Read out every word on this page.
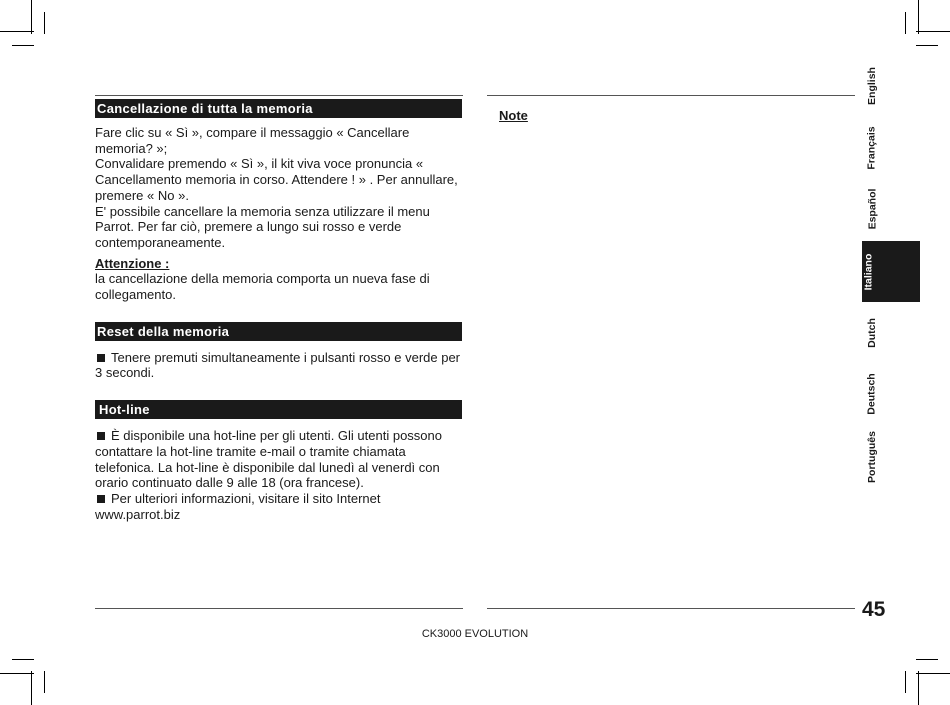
Cancellazione di tutta la memoria

Fare clic su « Sì », compare il messaggio « Cancellare memoria? »;

Convalidare premendo « Sì », il kit viva voce pronuncia « Cancellamento memoria in corso. Attendere ! » . Per annullare, premere « No ».

E' possibile cancellare la memoria senza utilizzare il menu Parrot. Per far ciò, premere a lungo sui rosso e verde contemporaneamente.

Attenzione :

la cancellazione della memoria comporta un nueva fase di collegamento.

Reset della memoria

Tenere premuti simultaneamente i pulsanti rosso e verde per 3 secondi.

Hot-line

È disponibile una hot-line per gli utenti. Gli utenti possono contattare la hot-line tramite e-mail o tramite chiamata telefonica. La hot-line è disponibile dal lunedì al venerdì con orario continuato dalle 9 alle 18 (ora francese).

Per ulteriori informazioni, visitare il sito Internet www.parrot.biz

Note
English
Français
Español
Italiano
Dutch
Deutsch
Português
45
CK3000 EVOLUTION
